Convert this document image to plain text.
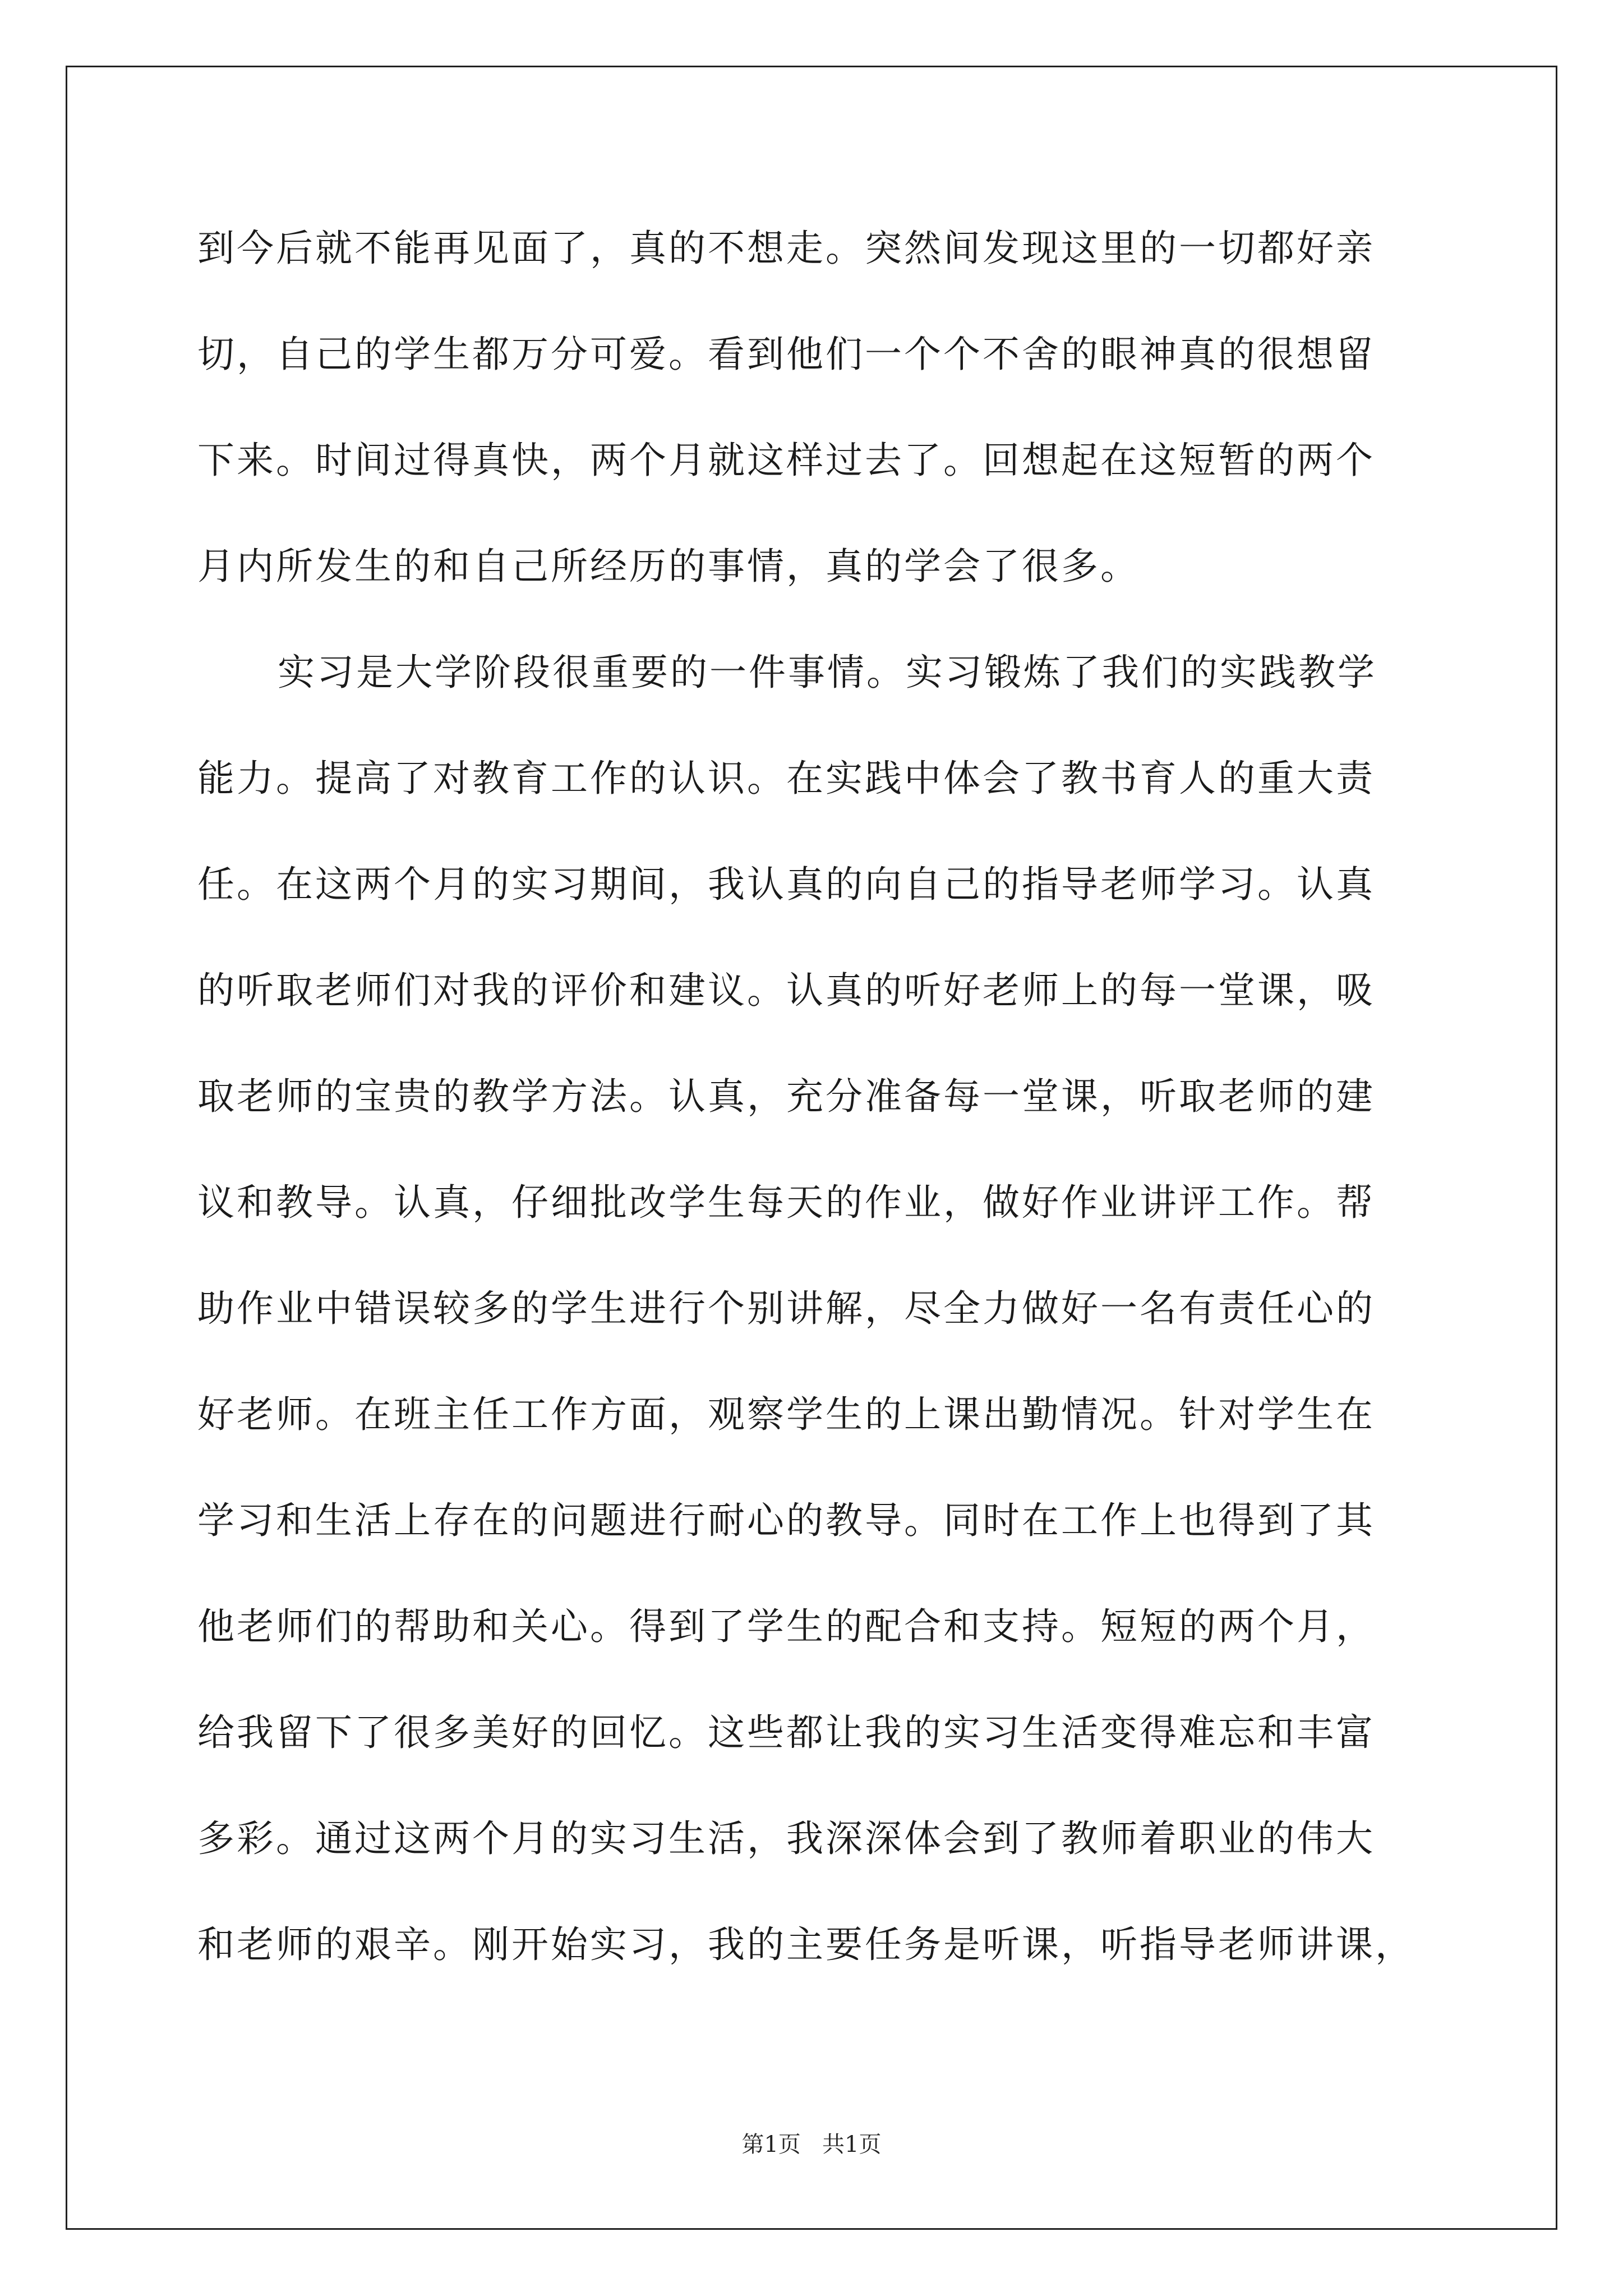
到今后就不能再见面了，真的不想走。突然间发现这里的一切都好亲
切，自己的学生都万分可爱。看到他们一个个不舍的眼神真的很想留
下来。时间过得真快，两个月就这样过去了。回想起在这短暂的两个
月内所发生的和自己所经历的事情，真的学会了很多。
实习是大学阶段很重要的一件事情。实习锻炼了我们的实践教学
能力。提高了对教育工作的认识。在实践中体会了教书育人的重大责
任。在这两个月的实习期间，我认真的向自己的指导老师学习。认真
的听取老师们对我的评价和建议。认真的听好老师上的每一堂课，吸
取老师的宝贵的教学方法。认真，充分准备每一堂课，听取老师的建
议和教导。认真，仔细批改学生每天的作业，做好作业讲评工作。帮
助作业中错误较多的学生进行个别讲解，尽全力做好一名有责任心的
好老师。在班主任工作方面，观察学生的上课出勤情况。针对学生在
学习和生活上存在的问题进行耐心的教导。同时在工作上也得到了其
他老师们的帮助和关心。得到了学生的配合和支持。短短的两个月，
给我留下了很多美好的回忆。这些都让我的实习生活变得难忘和丰富
多彩。通过这两个月的实习生活，我深深体会到了教师着职业的伟大
和老师的艰辛。刚开始实习，我的主要任务是听课，听指导老师讲课，
第1页   共1页
